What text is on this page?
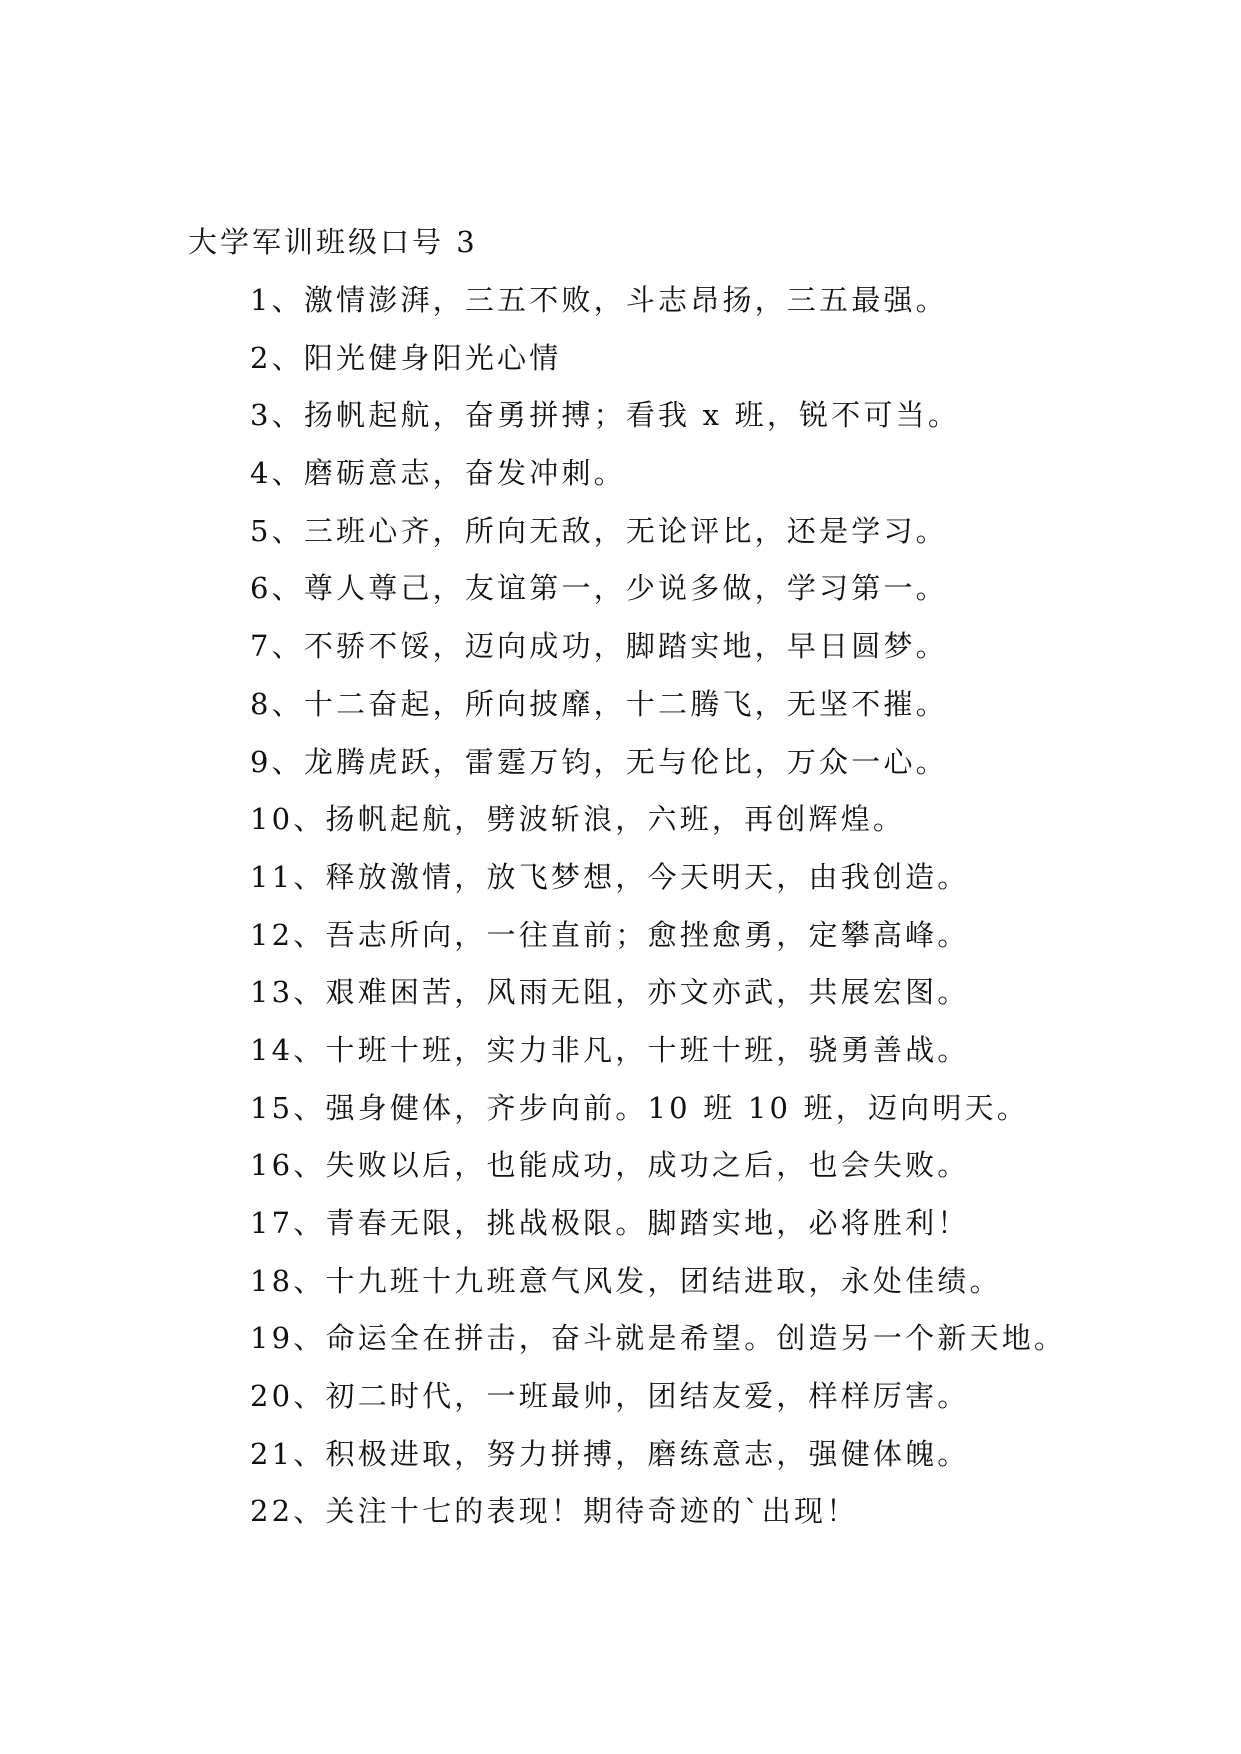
大学军训班级口号 3
1、激情澎湃，三五不败，斗志昂扬，三五最强。
2、阳光健身阳光心情
3、扬帆起航，奋勇拼搏；看我 x 班，锐不可当。
4、磨砺意志，奋发冲刺。
5、三班心齐，所向无敌，无论评比，还是学习。
6、尊人尊己，友谊第一，少说多做，学习第一。
7、不骄不馁，迈向成功，脚踏实地，早日圆梦。
8、十二奋起，所向披靡，十二腾飞，无坚不摧。
9、龙腾虎跃，雷霆万钧，无与伦比，万众一心。
10、扬帆起航，劈波斩浪，六班，再创辉煌。
11、释放激情，放飞梦想，今天明天，由我创造。
12、吾志所向，一往直前；愈挫愈勇，定攀高峰。
13、艰难困苦，风雨无阻，亦文亦武，共展宏图。
14、十班十班，实力非凡，十班十班，骁勇善战。
15、强身健体，齐步向前。10 班 10 班，迈向明天。
16、失败以后，也能成功，成功之后，也会失败。
17、青春无限，挑战极限。脚踏实地，必将胜利！
18、十九班十九班意气风发，团结进取，永处佳绩。
19、命运全在拼击，奋斗就是希望。创造另一个新天地。
20、初二时代，一班最帅，团结友爱，样样厉害。
21、积极进取，努力拼搏，磨练意志，强健体魄。
22、关注十七的表现！期待奇迹的`出现！
